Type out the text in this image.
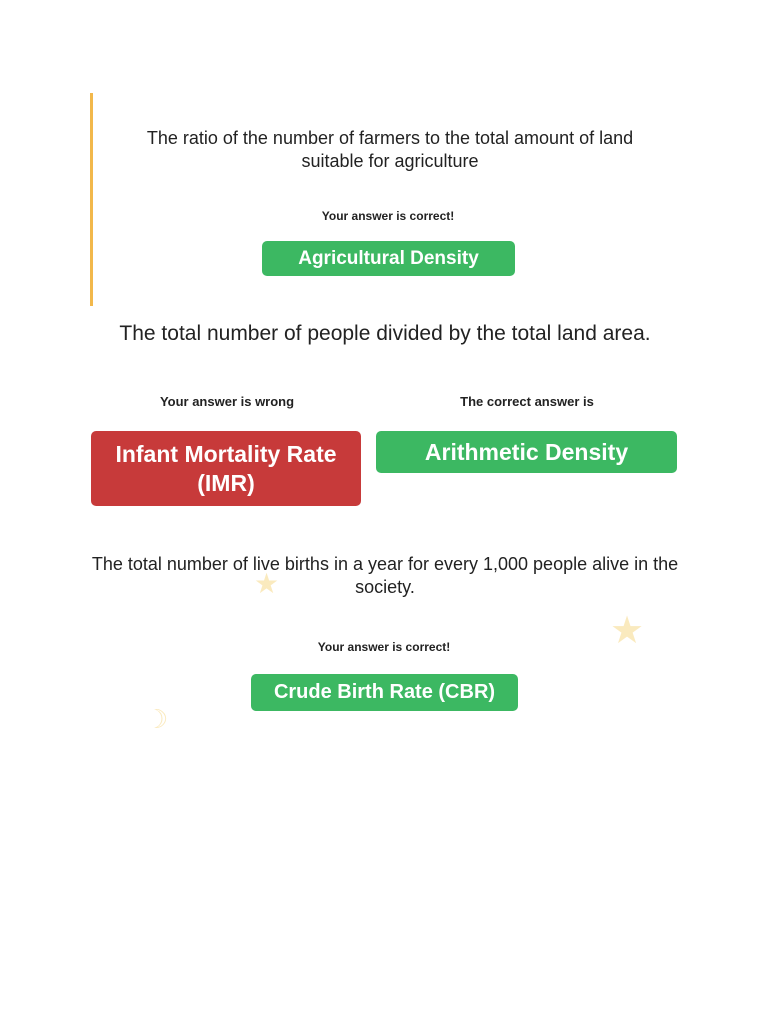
The ratio of the number of farmers to the total amount of land suitable for agriculture
Your answer is correct!
Agricultural Density
The total number of people divided by the total land area.
Your answer is wrong	The correct answer is
Infant Mortality Rate (IMR)
Arithmetic Density
The total number of live births in a year for every 1,000 people alive in the society.
Your answer is correct!
Crude Birth Rate (CBR)
★
★
☽
